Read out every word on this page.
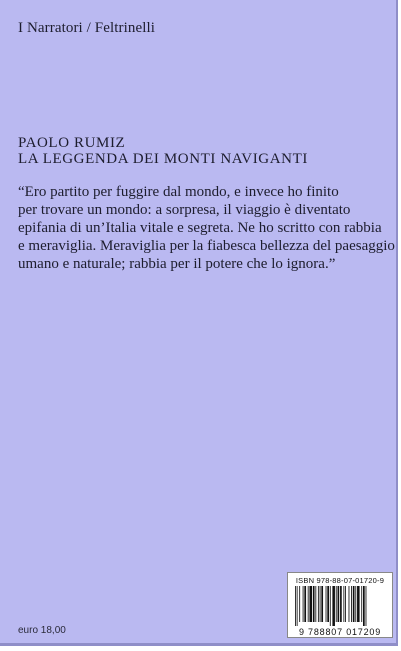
I Narratori / Feltrinelli
PAOLO RUMIZ
LA LEGGENDA DEI MONTI NAVIGANTI
“Ero partito per fuggire dal mondo, e invece ho finito
per trovare un mondo: a sorpresa, il viaggio è diventato
epifania di un’Italia vitale e segreta. Ne ho scritto con rabbia
e meraviglia. Meraviglia per la fiabesca bellezza del paesaggio
umano e naturale; rabbia per il potere che lo ignora.”
euro 18,00
ISBN 978-88-07-01720-9
9 788807 017209
